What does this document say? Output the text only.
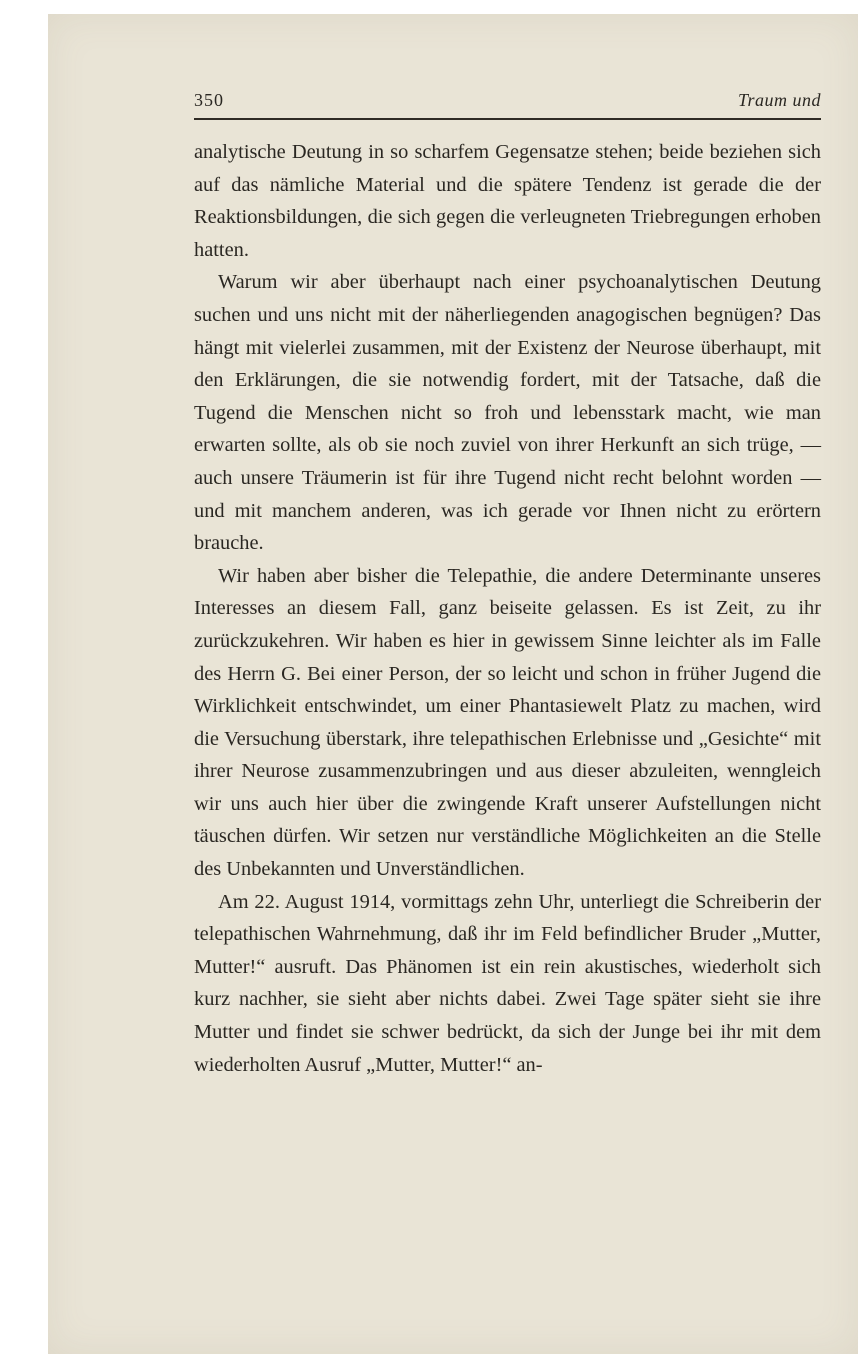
350	Traum und

analytische Deutung in so scharfem Gegensatze stehen; beide beziehen sich auf das nämliche Material und die spätere Tendenz ist gerade die der Reaktionsbildungen, die sich gegen die verleugneten Triebregungen erhoben hatten.

Warum wir aber überhaupt nach einer psychoanalytischen Deutung suchen und uns nicht mit der näherliegenden anagogischen begnügen? Das hängt mit vielerlei zusammen, mit der Existenz der Neurose überhaupt, mit den Erklärungen, die sie notwendig fordert, mit der Tatsache, daß die Tugend die Menschen nicht so froh und lebensstark macht, wie man erwarten sollte, als ob sie noch zuviel von ihrer Herkunft an sich trüge, — auch unsere Träumerin ist für ihre Tugend nicht recht belohnt worden — und mit manchem anderen, was ich gerade vor Ihnen nicht zu erörtern brauche.

Wir haben aber bisher die Telepathie, die andere Determinante unseres Interesses an diesem Fall, ganz beiseite gelassen. Es ist Zeit, zu ihr zurückzukehren. Wir haben es hier in gewissem Sinne leichter als im Falle des Herrn G. Bei einer Person, der so leicht und schon in früher Jugend die Wirklichkeit entschwindet, um einer Phantasiewelt Platz zu machen, wird die Versuchung überstark, ihre telepathischen Erlebnisse und „Gesichte“ mit ihrer Neurose zusammenzubringen und aus dieser abzuleiten, wenngleich wir uns auch hier über die zwingende Kraft unserer Aufstellungen nicht täuschen dürfen. Wir setzen nur verständliche Möglichkeiten an die Stelle des Unbekannten und Unverständlichen.

Am 22. August 1914, vormittags zehn Uhr, unterliegt die Schreiberin der telepathischen Wahrnehmung, daß ihr im Feld befindlicher Bruder „Mutter, Mutter!“ ausruft. Das Phänomen ist ein rein akustisches, wiederholt sich kurz nachher, sie sieht aber nichts dabei. Zwei Tage später sieht sie ihre Mutter und findet sie schwer bedrückt, da sich der Junge bei ihr mit dem wiederholten Ausruf „Mutter, Mutter!“ an-
